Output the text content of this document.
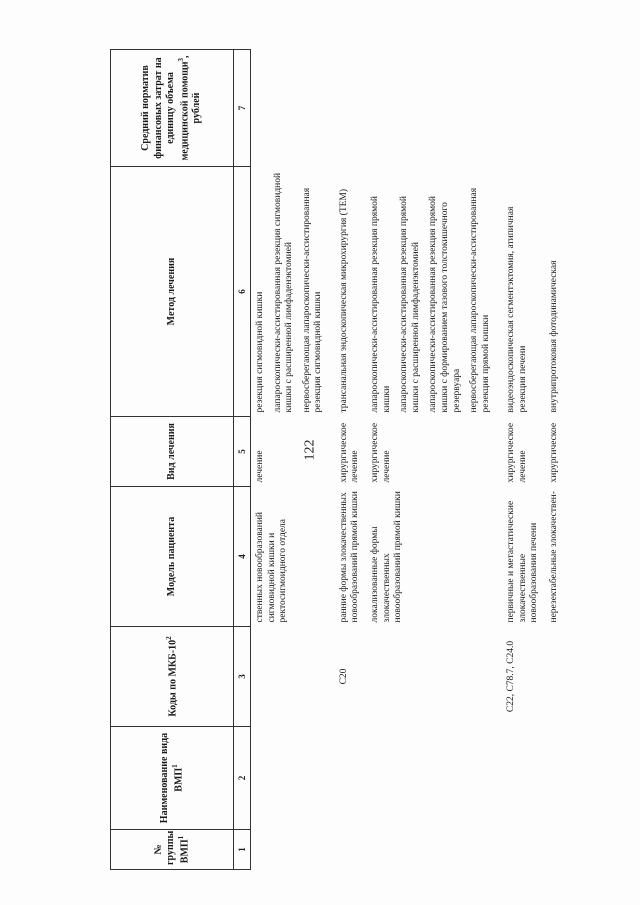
122
№ группы ВМП$^1$	Наименование вида ВМП$^1$	Коды по МКБ-$10^2$	Модель пациента	Вид лечения	Метод лечения	Средний норматив финансовых затрат на единицу объема медицинской помощи$^3$, рублей
1	2	3	4	5	6	7
			ственных новообразований сигмовидной кишки и ректосигмоидного отдела	лечение	резекция сигмовидной кишки лапароскопически-ассистированная резекция сигмовидной кишки с расширенной лимфаденэктомией нервосберегающая лапароскопически-ассистированная резекция сигмовидной кишки	

		C20	ранние формы злокачественных новообразований прямой кишки	хирургическое лечение	трансанальная эндоскопическая микрохирургия (ТЕМ)	

			локализованные формы злокачественных новообразований прямой кишки	хирургическое лечение	лапароскопически-ассистированная резекция прямой кишки лапароскопически-ассистированная резекция прямой кишки с расширенной лимфаденэктомией лапароскопически-ассистированная резекция прямой кишки с формированием тазового толстокишечного резервуара нервосберегающая лапароскопически-ассистированная резекция прямой кишки	

		C22, C78.7, C24.0	первичные и метастатические злокачественные новообразования печени	хирургическое лечение	видеоэндоскопическая сегментэктомия, атипичная резекция печени	

			нерезектабельные злокачествен-	хирургическое	внутрипротоковая фотодинамическая	
